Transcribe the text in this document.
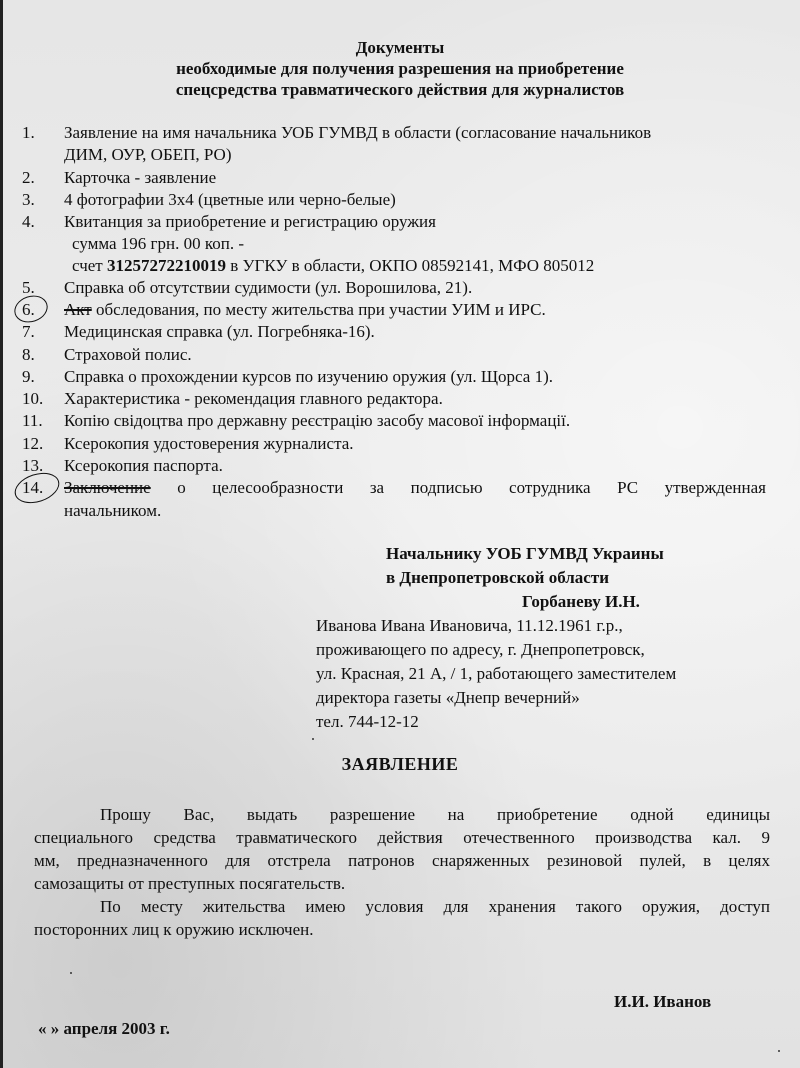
Документы
необходимые для получения разрешения на приобретение
спецсредства травматического действия для журналистов
1.	Заявление на имя начальника УОБ ГУМВД в области (согласование начальников
ДИМ, ОУР, ОБЕП, РО)
2.	Карточка - заявление
3.	4 фотографии 3х4 (цветные или черно-белые)
4.	Квитанция за приобретение и регистрацию оружия
сумма 196 грн. 00 коп. -
счет 31257272210019 в УГКУ в области, ОКПО 08592141, МФО 805012
5.	Справка об отсутствии судимости (ул. Ворошилова, 21).
6.	Акт обследования, по месту жительства при участии УИМ и ИРС.
7.	Медицинская справка (ул. Погребняка-16).
8.	Страховой полис.
9.	Справка о прохождении курсов по изучению оружия (ул. Щорса 1).
10.	Характеристика - рекомендация главного редактора.
11.	Копію свідоцтва про державну реєстрацію засобу масової інформації.
12.	Ксерокопия удостоверения журналиста.
13.	Ксерокопия паспорта.
14.	Заключение о целесообразности за подписью сотрудника РС утвержденная
начальником.
Начальнику УОБ ГУМВД Украины
в Днепропетровской области
Горбаневу И.Н.
Иванова Ивана Ивановича, 11.12.1961 г.р.,
проживающего по адресу, г. Днепропетровск,
ул. Красная, 21 А, / 1, работающего заместителем
директора газеты «Днепр вечерний»
тел. 744-12-12
ЗАЯВЛЕНИЕ
Прошу Вас, выдать разрешение на приобретение одной единицы
специального средства травматического действия отечественного производства кал. 9
мм, предназначенного для отстрела патронов снаряженных резиновой пулей, в целях
самозащиты от преступных посягательств.
По месту жительства имею условия для хранения такого оружия, доступ
посторонних лиц к оружию исключен.
И.И. Иванов
« » апреля 2003 г.
